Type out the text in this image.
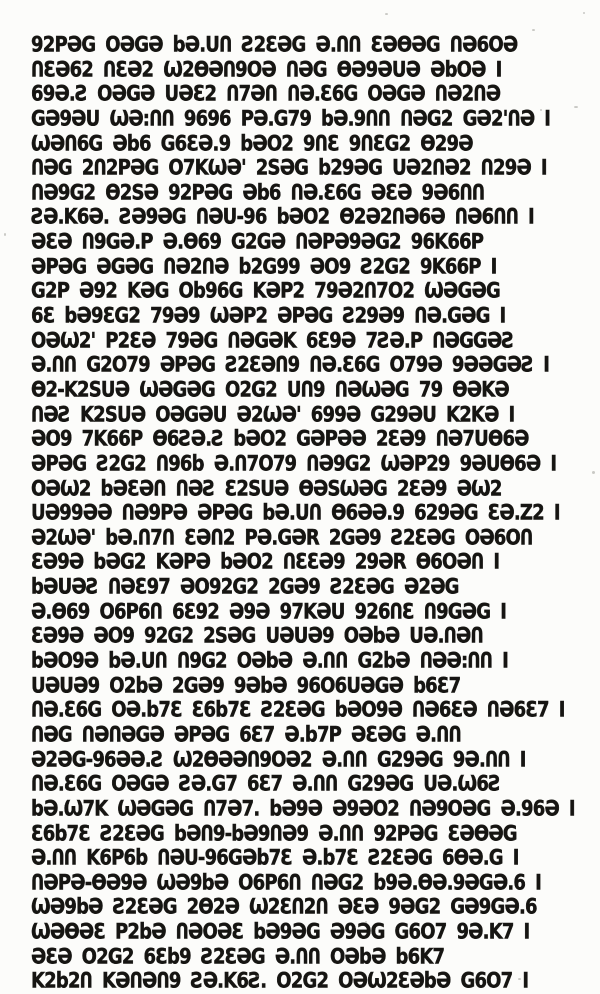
92PƏG OƏGƏ bƏ.UՈ Ƨ2ƐƏG Ə.ՈՈ ƐƏӨƏG ՈƏ6OƏ
ՈƐƏ62 ՈƐƏ2 Ѡ2ӨƏՈ9OƏ ՈƏG ӨƏ9ƏUƏ ƏbOƏ I
69Ə.Ƨ OƏGƏ UƏƐ2 Ո7ƏՈ ՈƏ.Ɛ6G OƏGƏ ՈƏ2ՈƏ
GƏ9ƏU ѠƏ:ՈՈ 9696 PƏ.G79 bƏ.9ՈՈ ՈƏG2 GƏ2'ՈƏ I
ѠƏՈ6G Əb6 G6ƐƏ.9 bƏO2 9ՈƐ 9ՈƐG2 Ө29Ə
ՈƏG 2Ո2PƏG O7KѠƏ' 2SƏG b29ƏG UƏ2ՈƏ2 Ո29Ə I
ՈƏ9G2 Ө2SƏ 92PƏG Əb6 ՈƏ.Ɛ6G ƏƐƏ 9Ə6ՈՈ
ƧƏ.K6Ə. ƧƏ9ƏG ՈƏU-96 bƏO2 Ө2Ə2ՈƏ6Ə ՈƏ6ՈՈ I
ƏƐƏ Ո9GƏ.P Ə.Ө69 G2GƏ ՈƏPƏ9ƏG2 96K66P
ƏPƏG ƏGƏG ՈƏ2ՈƏ b2G99 ƏO9 Ƨ2G2 9K66P I
G2P Ə92 KƏG Ob96G KƏP2 79Ə2Ո7O2 ѠƏGƏG
6Ɛ bƏ9ƐG2 79Ə9 ѠƏP2 ƏPƏG Ƨ29Ə9 ՈƏ.GƏG I
OƏѠ2' P2ƐƏ 79ƏG ՈƏGƏK 6Ɛ9Ə 7ƧƏ.P ՈƏGGƏƧ
Ə.ՈՈ G2O79 ƏPƏG Ƨ2ƐƏՈ9 ՈƏ.Ɛ6G O79Ə 9ƏƏGƏƧ I
Ө2-K2SUƏ ѠƏGƏG O2G2 UՈ9 ՈƏѠƏG 79 ӨƏKƏ
ՈƏƧ K2SUƏ OƏGƏU Ə2ѠƏ' 699Ə G29ƏU K2KƏ I
ƏO9 7K66P Ө6ƧƏ.Ƨ bƏO2 GƏPƏƏ 2ƐƏ9 ՈƏ7UӨ6Ə
ƏPƏG Ƨ2G2 Ո96b Ə.Ո7O79 ՈƏ9G2 ѠƏP29 9ƏUӨ6Ə I
OƏѠ2 bƏƐƏՈ ՈƏƧ Ɛ2SUƏ ӨƏSѠƏG 2ƐƏ9 ƏѠ2
UƏ99ƏƏ ՈƏ9PƏ ƏPƏG bƏ.UՈ Ө6ƏƏ.9 629ƏG ƐƏ.Z2 I
Ə2ѠƏ' bƏ.Ո7Ո ƐƏՈ2 PƏ.GƏR 2GƏ9 Ƨ2ƐƏG OƏ6OՈ
ƐƏ9Ə bƏG2 KƏPƏ bƏO2 ՈƐƐƏ9 29ƏR Ө6OƏՈ I
bƏUƏƧ ՈƏƐ97 ƏO92G2 2GƏ9 Ƨ2ƐƏG Ə2ƏG
Ə.Ө69 O6P6Ո 6Ɛ92 Ə9Ə 97KƏU 926ՈƐ Ո9GƏG I
ƐƏ9Ə ƏO9 92G2 2SƏG UƏUƏ9 OƏbƏ UƏ.ՈƏՈ
bƏO9Ə bƏ.UՈ Ո9G2 OƏbƏ Ə.ՈՈ G2bƏ ՈƏƏ:ՈՈ I
UƏUƏ9 O2bƏ 2GƏ9 9ƏbƏ 96O6UƏGƏ b6Ɛ7
ՈƏ.Ɛ6G OƏ.b7Ɛ Ɛ6b7Ɛ Ƨ2ƐƏG bƏO9Ə ՈƏ6ƐƏ ՈƏ6Ɛ7 I
ՈƏG ՈƏՈƏGƏ ƏPƏG 6Ɛ7 Ə.b7P ƏƐƏG Ə.ՈՈ
Ə2ƏG-96ƏƏ.Ƨ Ѡ2ӨƏƏՈ9OƏ2 Ə.ՈՈ G29ƏG 9Ə.ՈՈ I
ՈƏ.Ɛ6G OƏGƏ ƧƏ.G7 6Ɛ7 Ə.ՈՈ G29ƏG UƏ.Ѡ6Ƨ
bƏ.Ѡ7K ѠƏGƏG Ո7Ə7. bƏ9Ə Ə9ƏO2 ՈƏ9OƏG Ə.96Ə I
Ɛ6b7Ɛ Ƨ2ƐƏG bƏՈ9-bƏ9ՈƏ9 Ə.ՈՈ 92PƏG ƐƏӨƏG
Ə.ՈՈ K6P6b ՈƏU-96GƏb7Ɛ Ə.b7Ɛ Ƨ2ƐƏG 6ӨƏ.G I
ՈƏPƏ-ӨƏ9Ə ѠƏ9bƏ O6P6Ո ՈƏG2 b9Ə.ӨƏ.9ƏGƏ.6 I
ѠƏ9bƏ Ƨ2ƐƏG 2Ө2Ə Ѡ2ƐՈ2Ո ƏƐƏ 9ƏG2 GƏ9GƏ.6
ѠƏӨƏƐ P2bƏ ՈƏOƏƐ bƏ9ƏG Ə9ƏG G6O7 9Ə.K7 I
ƏƐƏ O2G2 6Ɛb9 Ƨ2ƐƏG Ə.ՈՈ OƏbƏ b6K7
K2b2Ո KƏՈƏՈ9 ƧƏ.K6Ƨ. O2G2 OƏѠ2ƐƏbƏ G6O7 I
